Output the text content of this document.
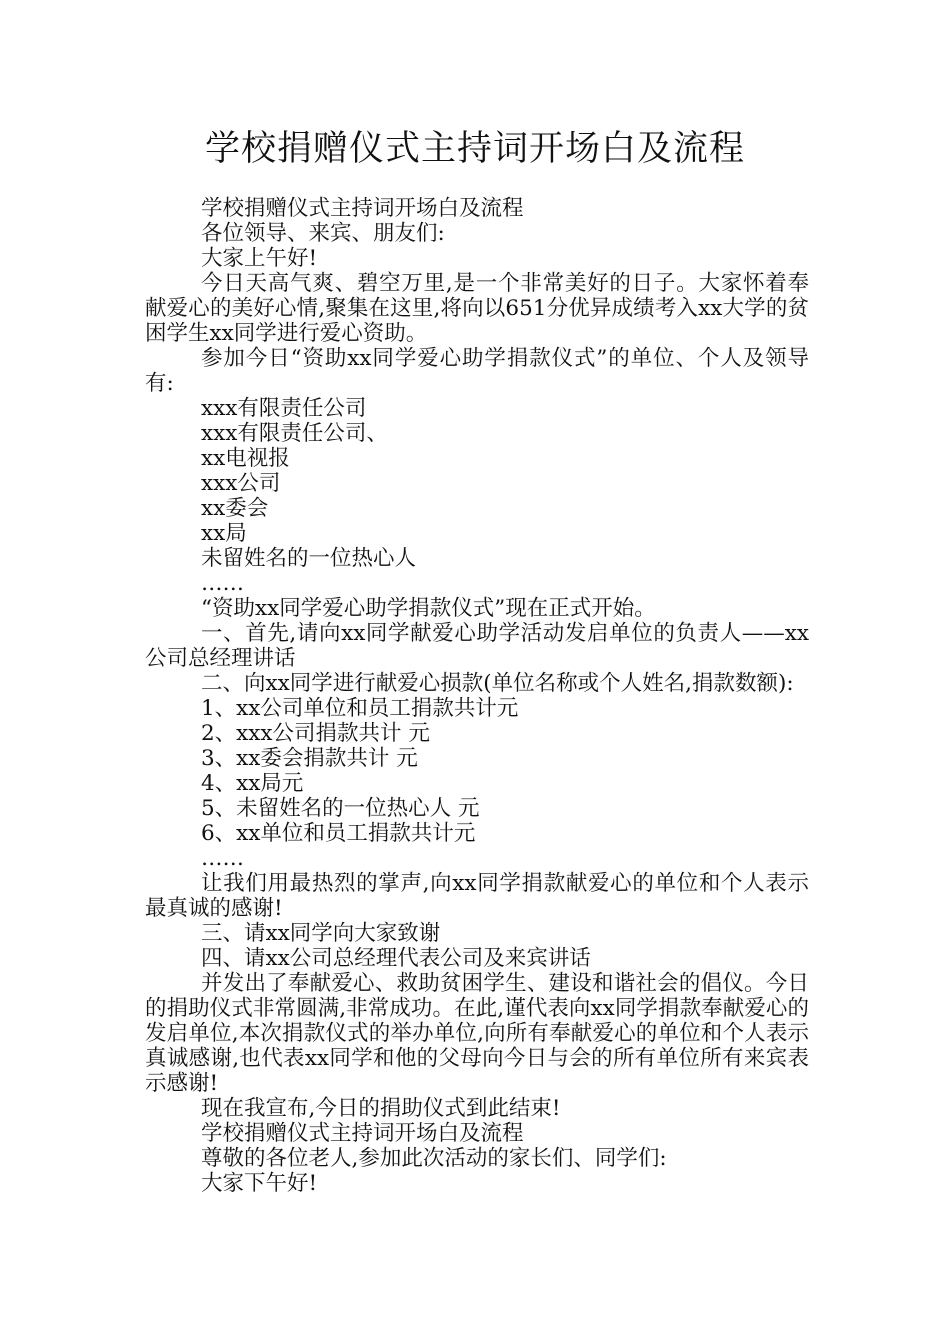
学校捐赠仪式主持词开场白及流程

学校捐赠仪式主持词开场白及流程

各位领导、来宾、朋友们:

大家上午好!

今日天高气爽、碧空万里,是一个非常美好的日子。大家怀着奉献爱心的美好心情,聚集在这里,将向以651分优异成绩考入xx大学的贫困学生xx同学进行爱心资助。

参加今日“资助xx同学爱心助学捐款仪式”的单位、个人及领导有:

xxx有限责任公司

xxx有限责任公司、

xx电视报

xxx公司

xx委会

xx局

未留姓名的一位热心人

……

“资助xx同学爱心助学捐款仪式”现在正式开始。

一、首先,请向xx同学献爱心助学活动发启单位的负责人——xx公司总经理讲话

二、向xx同学进行献爱心损款(单位名称或个人姓名,捐款数额):

1、xx公司单位和员工捐款共计元

2、xxx公司捐款共计 元

3、xx委会捐款共计 元

4、xx局元

5、未留姓名的一位热心人 元

6、xx单位和员工捐款共计元

……

让我们用最热烈的掌声,向xx同学捐款献爱心的单位和个人表示最真诚的感谢!

三、请xx同学向大家致谢

四、请xx公司总经理代表公司及来宾讲话

并发出了奉献爱心、救助贫困学生、建设和谐社会的倡仪。今日的捐助仪式非常圆满,非常成功。在此,谨代表向xx同学捐款奉献爱心的发启单位,本次捐款仪式的举办单位,向所有奉献爱心的单位和个人表示真诚感谢,也代表xx同学和他的父母向今日与会的所有单位所有来宾表示感谢!

现在我宣布,今日的捐助仪式到此结束!

学校捐赠仪式主持词开场白及流程

尊敬的各位老人,参加此次活动的家长们、同学们:

大家下午好!
